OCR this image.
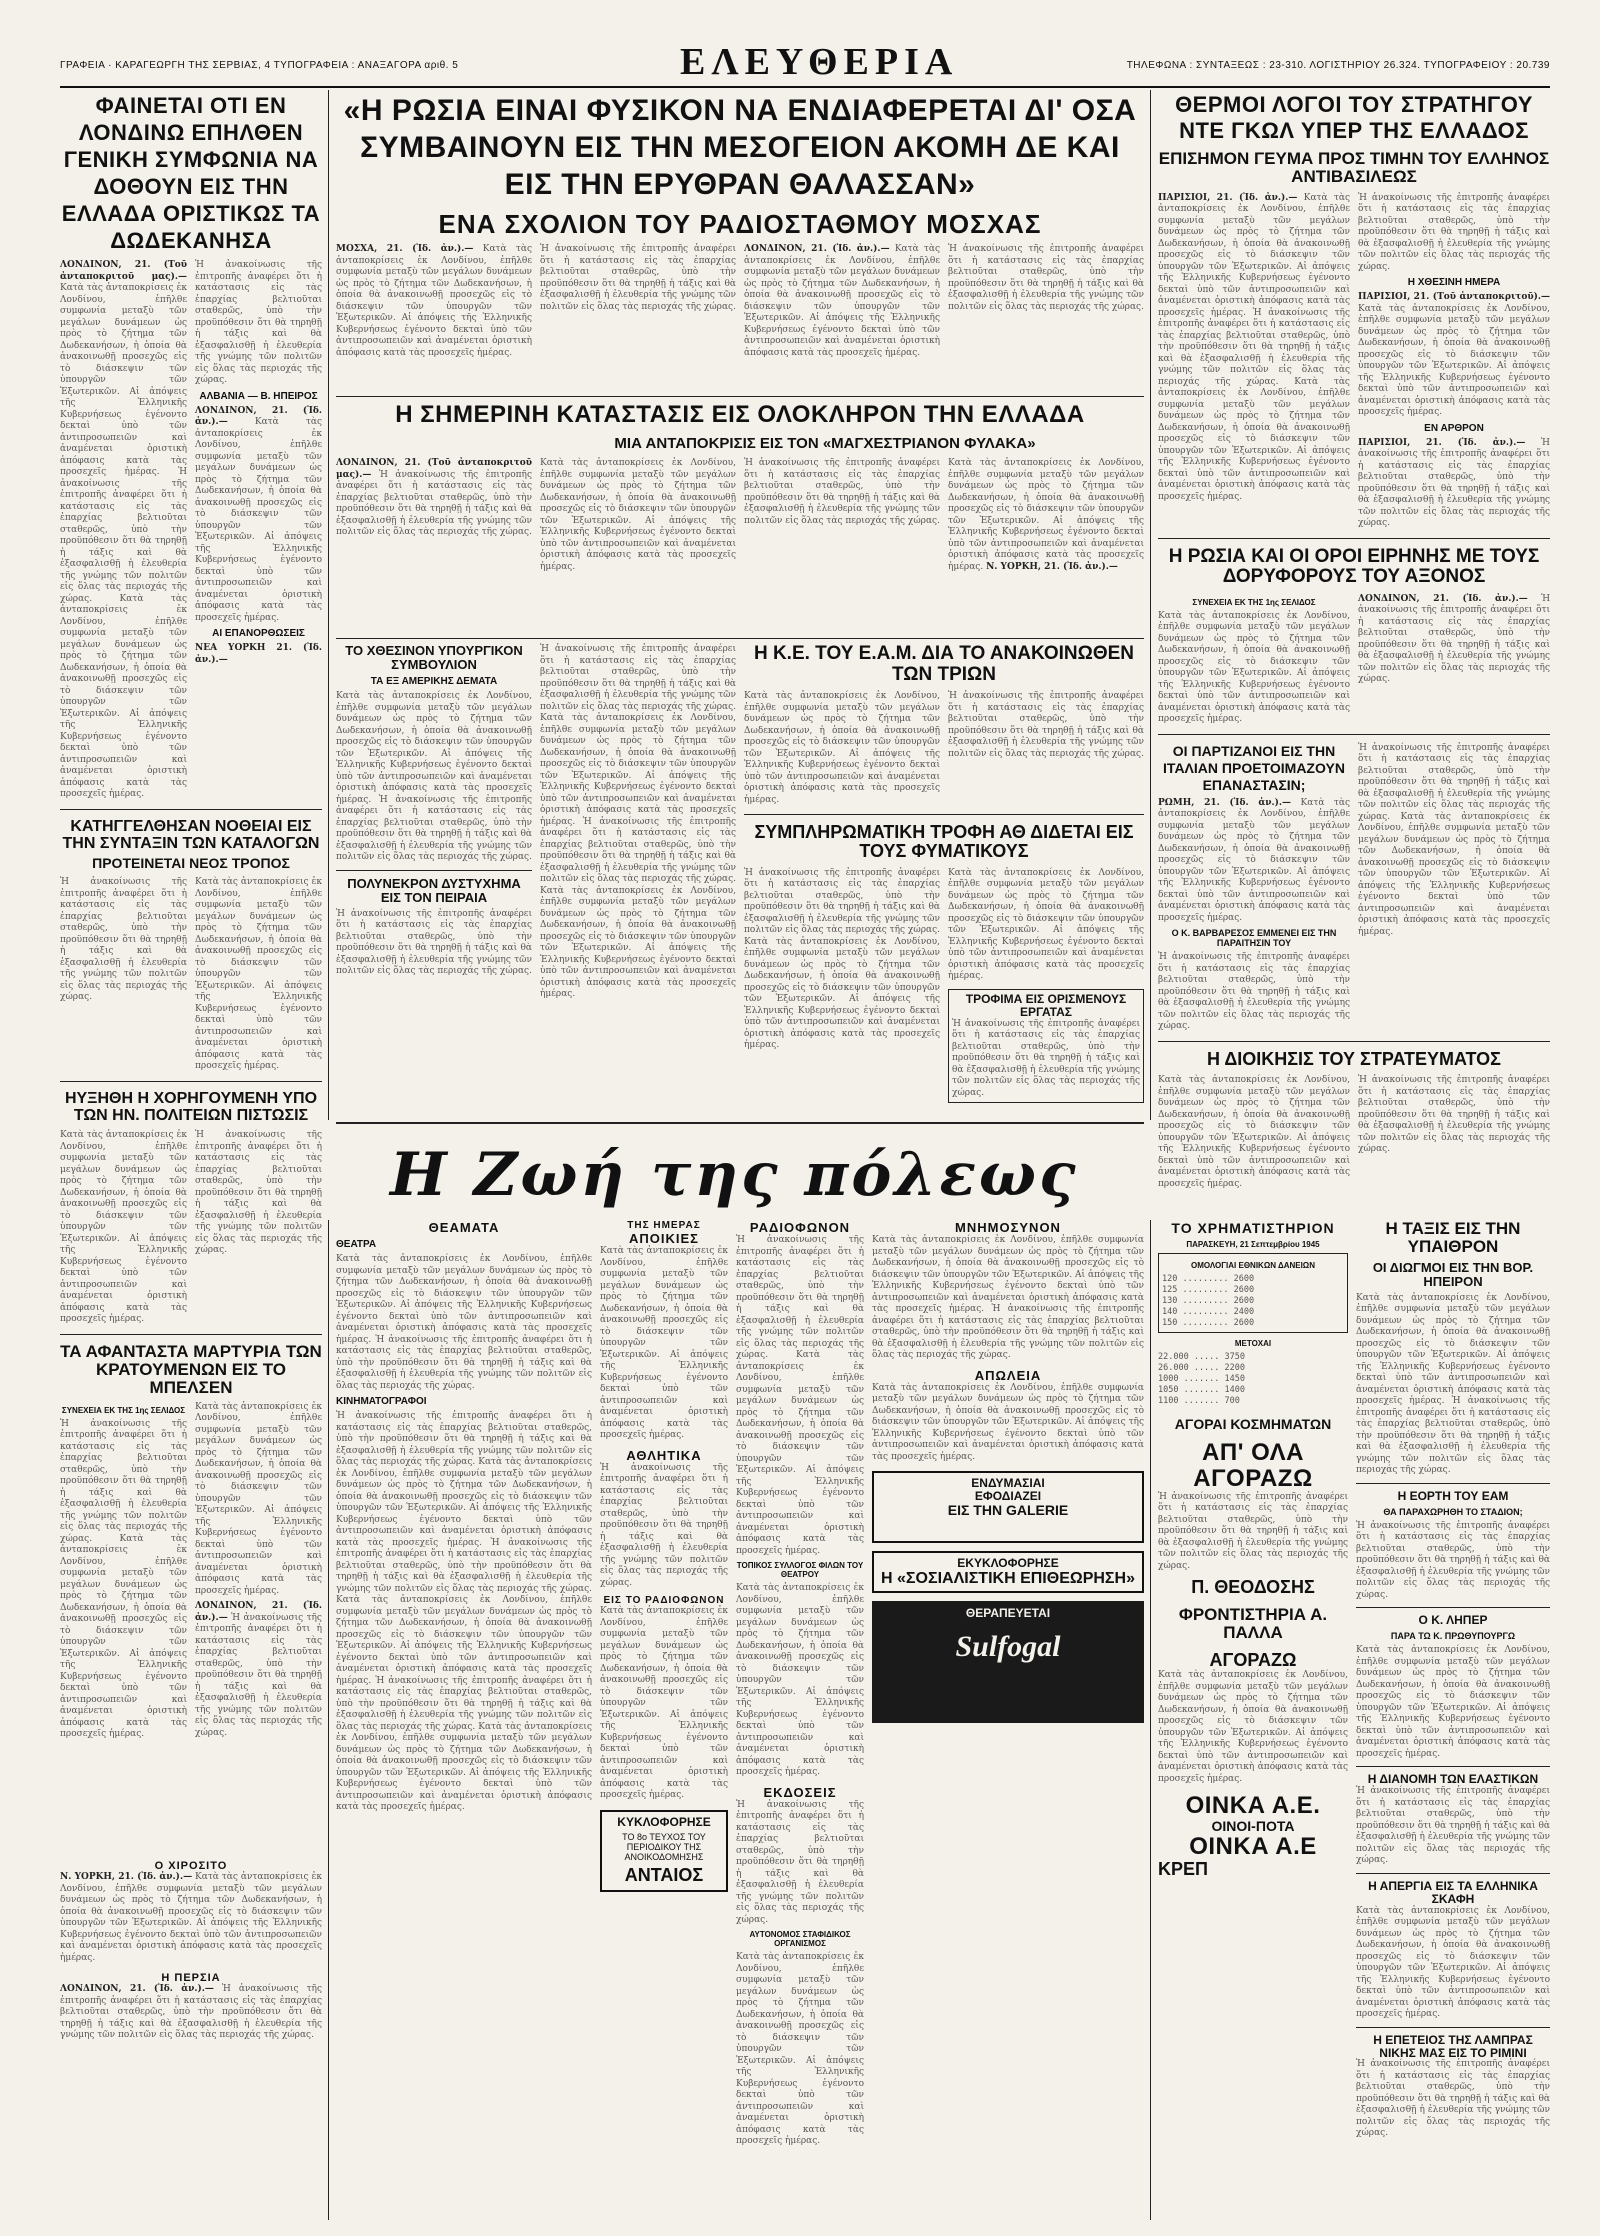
ΓΡΑΦΕΙΑ · ΚΑΡΑΓΕΩΡΓΗ ΤΗΣ ΣΕΡΒΙΑΣ, 4 ΤΥΠΟΓΡΑΦΕΙΑ : ΑΝΑΞΑΓΟΡΑ αριθ. 5	ΕΛΕΥΘΕΡΙΑ	ΤΗΛΕΦΩΝΑ : ΣΥΝΤΑΞΕΩΣ : 23-310. ΛΟΓΙΣΤΗΡΙΟΥ 26.324. ΤΥΠΟΓΡΑΦΕΙΟΥ : 20.739
ΦΑΙΝΕΤΑΙ ΟΤΙ ΕΝ ΛΟΝΔΙΝΩ ΕΠΗΛΘΕΝ ΓΕΝΙΚΗ ΣΥΜΦΩΝΙΑ ΝΑ ΔΟΘΟΥΝ ΕΙΣ ΤΗΝ ΕΛΛΑΔΑ ΟΡΙΣΤΙΚΩΣ ΤΑ ΔΩΔΕΚΑΝΗΣΑ
ΛΟΝΔΙΝΟΝ, 21. (Τοῦ ἀνταποκριτοῦ μας).— Κατὰ τὰς ἀνταποκρίσεις ἐκ Λονδίνου, ἐπῆλθε συμφωνία μεταξὺ τῶν μεγάλων δυνάμεων ὡς πρὸς τὸ ζήτημα τῶν Δωδεκανήσων, ἡ ὁποία θὰ ἀνακοινωθῇ προσεχῶς εἰς τὸ διάσκεψιν τῶν ὑπουργῶν τῶν Ἐξωτερικῶν. Αἱ ἀπόψεις τῆς Ἑλληνικῆς Κυβερνήσεως ἐγένοντο δεκταὶ ὑπὸ τῶν ἀντιπροσωπειῶν καὶ ἀναμένεται ὁριστικὴ ἀπόφασις κατὰ τὰς προσεχεῖς ἡμέρας. Ἡ ἀνακοίνωσις τῆς ἐπιτροπῆς ἀναφέρει ὅτι ἡ κατάστασις εἰς τὰς ἐπαρχίας βελτιοῦται σταθερῶς, ὑπὸ τὴν προϋπόθεσιν ὅτι θὰ τηρηθῇ ἡ τάξις καὶ θὰ ἐξασφαλισθῇ ἡ ἐλευθερία τῆς γνώμης τῶν πολιτῶν εἰς ὅλας τὰς περιοχάς τῆς χώρας.	Κατὰ τὰς ἀνταποκρίσεις ἐκ Λονδίνου, ἐπῆλθε συμφωνία μεταξὺ τῶν μεγάλων δυνάμεων ὡς πρὸς τὸ ζήτημα τῶν Δωδεκανήσων, ἡ ὁποία θὰ ἀνακοινωθῇ προσεχῶς εἰς τὸ διάσκεψιν τῶν ὑπουργῶν τῶν Ἐξωτερικῶν. Αἱ ἀπόψεις τῆς Ἑλληνικῆς Κυβερνήσεως ἐγένοντο δεκταὶ ὑπὸ τῶν ἀντιπροσωπειῶν καὶ ἀναμένεται ὁριστικὴ ἀπόφασις κατὰ τὰς προσεχεῖς ἡμέρας.
Ἡ ἀνακοίνωσις τῆς ἐπιτροπῆς ἀναφέρει ὅτι ἡ κατάστασις εἰς τὰς ἐπαρχίας βελτιοῦται σταθερῶς, ὑπὸ τὴν προϋπόθεσιν ὅτι θὰ τηρηθῇ ἡ τάξις καὶ θὰ ἐξασφαλισθῇ ἡ ἐλευθερία τῆς γνώμης τῶν πολιτῶν εἰς ὅλας τὰς περιοχάς τῆς χώρας.
ΑΛΒΑΝΙΑ — Β. ΗΠΕΙΡΟΣ
ΛΟΝΔΙΝΟΝ, 21. (Ἰδ. ἀν.).—	Κατὰ τὰς ἀνταποκρίσεις ἐκ Λονδίνου, ἐπῆλθε συμφωνία μεταξὺ τῶν μεγάλων δυνάμεων ὡς πρὸς τὸ ζήτημα τῶν Δωδεκανήσων, ἡ ὁποία θὰ ἀνακοινωθῇ προσεχῶς εἰς τὸ διάσκεψιν τῶν ὑπουργῶν τῶν Ἐξωτερικῶν. Αἱ ἀπόψεις τῆς Ἑλληνικῆς Κυβερνήσεως ἐγένοντο δεκταὶ ὑπὸ τῶν ἀντιπροσωπειῶν καὶ ἀναμένεται ὁριστικὴ ἀπόφασις κατὰ τὰς προσεχεῖς ἡμέρας.
ΑΙ ΕΠΑΝΟΡΘΩΣΕΙΣ
ΝΕΑ ΥΟΡΚΗ 21. (Ἰδ. ἀν.).—
ΚΑΤΗΓΓΕΛΘΗΣΑΝ ΝΟΘΕΙΑΙ ΕΙΣ ΤΗΝ ΣΥΝΤΑΞΙΝ ΤΩΝ ΚΑΤΑΛΟΓΩΝ
ΠΡΟΤΕΙΝΕΤΑΙ ΝΕΟΣ ΤΡΟΠΟΣ
Ἡ ἀνακοίνωσις τῆς ἐπιτροπῆς ἀναφέρει ὅτι ἡ κατάστασις εἰς τὰς ἐπαρχίας βελτιοῦται σταθερῶς, ὑπὸ τὴν προϋπόθεσιν ὅτι θὰ τηρηθῇ ἡ τάξις καὶ θὰ ἐξασφαλισθῇ ἡ ἐλευθερία τῆς γνώμης τῶν πολιτῶν εἰς ὅλας τὰς περιοχάς τῆς χώρας.
Κατὰ τὰς ἀνταποκρίσεις ἐκ Λονδίνου, ἐπῆλθε συμφωνία μεταξὺ τῶν μεγάλων δυνάμεων ὡς πρὸς τὸ ζήτημα τῶν Δωδεκανήσων, ἡ ὁποία θὰ ἀνακοινωθῇ προσεχῶς εἰς τὸ διάσκεψιν τῶν ὑπουργῶν τῶν Ἐξωτερικῶν. Αἱ ἀπόψεις τῆς Ἑλληνικῆς Κυβερνήσεως ἐγένοντο δεκταὶ ὑπὸ τῶν ἀντιπροσωπειῶν καὶ ἀναμένεται ὁριστικὴ ἀπόφασις κατὰ τὰς προσεχεῖς ἡμέρας.
ΗΥΞΗΘΗ Η ΧΟΡΗΓΟΥΜΕΝΗ ΥΠΟ ΤΩΝ ΗΝ. ΠΟΛΙΤΕΙΩΝ ΠΙΣΤΩΣΙΣ
Κατὰ τὰς ἀνταποκρίσεις ἐκ Λονδίνου, ἐπῆλθε συμφωνία μεταξὺ τῶν μεγάλων δυνάμεων ὡς πρὸς τὸ ζήτημα τῶν Δωδεκανήσων, ἡ ὁποία θὰ ἀνακοινωθῇ προσεχῶς εἰς τὸ διάσκεψιν τῶν ὑπουργῶν τῶν Ἐξωτερικῶν. Αἱ ἀπόψεις τῆς Ἑλληνικῆς Κυβερνήσεως ἐγένοντο δεκταὶ ὑπὸ τῶν ἀντιπροσωπειῶν καὶ ἀναμένεται ὁριστικὴ ἀπόφασις κατὰ τὰς προσεχεῖς ἡμέρας.
Ἡ ἀνακοίνωσις τῆς ἐπιτροπῆς ἀναφέρει ὅτι ἡ κατάστασις εἰς τὰς ἐπαρχίας βελτιοῦται σταθερῶς, ὑπὸ τὴν προϋπόθεσιν ὅτι θὰ τηρηθῇ ἡ τάξις καὶ θὰ ἐξασφαλισθῇ ἡ ἐλευθερία τῆς γνώμης τῶν πολιτῶν εἰς ὅλας τὰς περιοχάς τῆς χώρας.
ΤΑ ΑΦΑΝΤΑΣΤΑ ΜΑΡΤΥΡΙΑ ΤΩΝ ΚΡΑΤΟΥΜΕΝΩΝ ΕΙΣ ΤΟ ΜΠΕΛΣΕΝ
ΣΥΝΕΧΕΙΑ ΕΚ ΤΗΣ 1ης ΣΕΛΙΔΟΣ
Ἡ ἀνακοίνωσις τῆς ἐπιτροπῆς ἀναφέρει ὅτι ἡ κατάστασις εἰς τὰς ἐπαρχίας βελτιοῦται σταθερῶς, ὑπὸ τὴν προϋπόθεσιν ὅτι θὰ τηρηθῇ ἡ τάξις καὶ θὰ ἐξασφαλισθῇ ἡ ἐλευθερία τῆς γνώμης τῶν πολιτῶν εἰς ὅλας τὰς περιοχάς τῆς χώρας.	Κατὰ τὰς ἀνταποκρίσεις ἐκ Λονδίνου, ἐπῆλθε συμφωνία μεταξὺ τῶν μεγάλων δυνάμεων ὡς πρὸς τὸ ζήτημα τῶν Δωδεκανήσων, ἡ ὁποία θὰ ἀνακοινωθῇ προσεχῶς εἰς τὸ διάσκεψιν τῶν ὑπουργῶν τῶν Ἐξωτερικῶν. Αἱ ἀπόψεις τῆς Ἑλληνικῆς Κυβερνήσεως ἐγένοντο δεκταὶ ὑπὸ τῶν ἀντιπροσωπειῶν καὶ ἀναμένεται ὁριστικὴ ἀπόφασις κατὰ τὰς προσεχεῖς ἡμέρας.
Κατὰ τὰς ἀνταποκρίσεις ἐκ Λονδίνου, ἐπῆλθε συμφωνία μεταξὺ τῶν μεγάλων δυνάμεων ὡς πρὸς τὸ ζήτημα τῶν Δωδεκανήσων, ἡ ὁποία θὰ ἀνακοινωθῇ προσεχῶς εἰς τὸ διάσκεψιν τῶν ὑπουργῶν τῶν Ἐξωτερικῶν. Αἱ ἀπόψεις τῆς Ἑλληνικῆς Κυβερνήσεως ἐγένοντο δεκταὶ ὑπὸ τῶν ἀντιπροσωπειῶν καὶ ἀναμένεται ὁριστικὴ ἀπόφασις κατὰ τὰς προσεχεῖς ἡμέρας.
ΛΟΝΔΙΝΟΝ, 21. (Ἰδ. ἀν.).— Ἡ ἀνακοίνωσις τῆς ἐπιτροπῆς ἀναφέρει ὅτι ἡ κατάστασις εἰς τὰς ἐπαρχίας βελτιοῦται σταθερῶς, ὑπὸ τὴν προϋπόθεσιν ὅτι θὰ τηρηθῇ ἡ τάξις καὶ θὰ ἐξασφαλισθῇ ἡ ἐλευθερία τῆς γνώμης τῶν πολιτῶν εἰς ὅλας τὰς περιοχάς τῆς χώρας.
«Η ΡΩΣΙΑ ΕΙΝΑΙ ΦΥΣΙΚΟΝ ΝΑ ΕΝΔΙΑΦΕΡΕΤΑΙ ΔΙ' ΟΣΑ ΣΥΜΒΑΙΝΟΥΝ ΕΙΣ ΤΗΝ ΜΕΣΟΓΕΙΟΝ ΑΚΟΜΗ ΔΕ ΚΑΙ ΕΙΣ ΤΗΝ ΕΡΥΘΡΑΝ ΘΑΛΑΣΣΑΝ»
ΕΝΑ ΣΧΟΛΙΟΝ ΤΟΥ ΡΑΔΙΟΣΤΑΘΜΟΥ ΜΟΣΧΑΣ
ΜΟΣΧΑ, 21. (Ἰδ. ἀν.).— Κατὰ τὰς ἀνταποκρίσεις ἐκ Λονδίνου, ἐπῆλθε συμφωνία μεταξὺ τῶν μεγάλων δυνάμεων ὡς πρὸς τὸ ζήτημα τῶν Δωδεκανήσων, ἡ ὁποία θὰ ἀνακοινωθῇ προσεχῶς εἰς τὸ διάσκεψιν τῶν ὑπουργῶν τῶν Ἐξωτερικῶν. Αἱ ἀπόψεις τῆς Ἑλληνικῆς Κυβερνήσεως ἐγένοντο δεκταὶ ὑπὸ τῶν ἀντιπροσωπειῶν καὶ ἀναμένεται ὁριστικὴ ἀπόφασις κατὰ τὰς προσεχεῖς ἡμέρας.
Ἡ ἀνακοίνωσις τῆς ἐπιτροπῆς ἀναφέρει ὅτι ἡ κατάστασις εἰς τὰς ἐπαρχίας βελτιοῦται σταθερῶς, ὑπὸ τὴν προϋπόθεσιν ὅτι θὰ τηρηθῇ ἡ τάξις καὶ θὰ ἐξασφαλισθῇ ἡ ἐλευθερία τῆς γνώμης τῶν πολιτῶν εἰς ὅλας τὰς περιοχάς τῆς χώρας.
ΛΟΝΔΙΝΟΝ, 21. (Ἰδ. ἀν.).— Κατὰ τὰς ἀνταποκρίσεις ἐκ Λονδίνου, ἐπῆλθε συμφωνία μεταξὺ τῶν μεγάλων δυνάμεων ὡς πρὸς τὸ ζήτημα τῶν Δωδεκανήσων, ἡ ὁποία θὰ ἀνακοινωθῇ προσεχῶς εἰς τὸ διάσκεψιν τῶν ὑπουργῶν τῶν Ἐξωτερικῶν. Αἱ ἀπόψεις τῆς Ἑλληνικῆς Κυβερνήσεως ἐγένοντο δεκταὶ ὑπὸ τῶν ἀντιπροσωπειῶν καὶ ἀναμένεται ὁριστικὴ ἀπόφασις κατὰ τὰς προσεχεῖς ἡμέρας.
Ἡ ἀνακοίνωσις τῆς ἐπιτροπῆς ἀναφέρει ὅτι ἡ κατάστασις εἰς τὰς ἐπαρχίας βελτιοῦται σταθερῶς, ὑπὸ τὴν προϋπόθεσιν ὅτι θὰ τηρηθῇ ἡ τάξις καὶ θὰ ἐξασφαλισθῇ ἡ ἐλευθερία τῆς γνώμης τῶν πολιτῶν εἰς ὅλας τὰς περιοχάς τῆς χώρας.
Η ΣΗΜΕΡΙΝΗ ΚΑΤΑΣΤΑΣΙΣ ΕΙΣ ΟΛΟΚΛΗΡΟΝ ΤΗΝ ΕΛΛΑΔΑ
ΜΙΑ ΑΝΤΑΠΟΚΡΙΣΙΣ ΕΙΣ ΤΟΝ «ΜΑΓΧΕΣΤΡΙΑΝΟΝ ΦΥΛΑΚΑ»
ΛΟΝΔΙΝΟΝ, 21. (Τοῦ ἀνταποκριτοῦ μας).— Ἡ ἀνακοίνωσις τῆς ἐπιτροπῆς ἀναφέρει ὅτι ἡ κατάστασις εἰς τὰς ἐπαρχίας βελτιοῦται σταθερῶς, ὑπὸ τὴν προϋπόθεσιν ὅτι θὰ τηρηθῇ ἡ τάξις καὶ θὰ ἐξασφαλισθῇ ἡ ἐλευθερία τῆς γνώμης τῶν πολιτῶν εἰς ὅλας τὰς περιοχάς τῆς χώρας.
Κατὰ τὰς ἀνταποκρίσεις ἐκ Λονδίνου, ἐπῆλθε συμφωνία μεταξὺ τῶν μεγάλων δυνάμεων ὡς πρὸς τὸ ζήτημα τῶν Δωδεκανήσων, ἡ ὁποία θὰ ἀνακοινωθῇ προσεχῶς εἰς τὸ διάσκεψιν τῶν ὑπουργῶν τῶν Ἐξωτερικῶν. Αἱ ἀπόψεις τῆς Ἑλληνικῆς Κυβερνήσεως ἐγένοντο δεκταὶ ὑπὸ τῶν ἀντιπροσωπειῶν καὶ ἀναμένεται ὁριστικὴ ἀπόφασις κατὰ τὰς προσεχεῖς ἡμέρας.
Ἡ ἀνακοίνωσις τῆς ἐπιτροπῆς ἀναφέρει ὅτι ἡ κατάστασις εἰς τὰς ἐπαρχίας βελτιοῦται σταθερῶς, ὑπὸ τὴν προϋπόθεσιν ὅτι θὰ τηρηθῇ ἡ τάξις καὶ θὰ ἐξασφαλισθῇ ἡ ἐλευθερία τῆς γνώμης τῶν πολιτῶν εἰς ὅλας τὰς περιοχάς τῆς χώρας.
Κατὰ τὰς ἀνταποκρίσεις ἐκ Λονδίνου, ἐπῆλθε συμφωνία μεταξὺ τῶν μεγάλων δυνάμεων ὡς πρὸς τὸ ζήτημα τῶν Δωδεκανήσων, ἡ ὁποία θὰ ἀνακοινωθῇ προσεχῶς εἰς τὸ διάσκεψιν τῶν ὑπουργῶν τῶν Ἐξωτερικῶν. Αἱ ἀπόψεις τῆς Ἑλληνικῆς Κυβερνήσεως ἐγένοντο δεκταὶ ὑπὸ τῶν ἀντιπροσωπειῶν καὶ ἀναμένεται ὁριστικὴ ἀπόφασις κατὰ τὰς προσεχεῖς ἡμέρας. Ν. ΥΟΡΚΗ, 21. (Ἰδ. ἀν.).—
ΤΟ ΧΘΕΣΙΝΟΝ ΥΠΟΥΡΓΙΚΟΝ ΣΥΜΒΟΥΛΙΟΝ
ΤΑ ΕΞ ΑΜΕΡΙΚΗΣ ΔΕΜΑΤΑ
Κατὰ τὰς ἀνταποκρίσεις ἐκ Λονδίνου, ἐπῆλθε συμφωνία μεταξὺ τῶν μεγάλων δυνάμεων ὡς πρὸς τὸ ζήτημα τῶν Δωδεκανήσων, ἡ ὁποία θὰ ἀνακοινωθῇ προσεχῶς εἰς τὸ διάσκεψιν τῶν ὑπουργῶν τῶν Ἐξωτερικῶν. Αἱ ἀπόψεις τῆς Ἑλληνικῆς Κυβερνήσεως ἐγένοντο δεκταὶ ὑπὸ τῶν ἀντιπροσωπειῶν καὶ ἀναμένεται ὁριστικὴ ἀπόφασις κατὰ τὰς προσεχεῖς ἡμέρας. Ἡ ἀνακοίνωσις τῆς ἐπιτροπῆς ἀναφέρει ὅτι ἡ κατάστασις εἰς τὰς ἐπαρχίας βελτιοῦται σταθερῶς, ὑπὸ τὴν προϋπόθεσιν ὅτι θὰ τηρηθῇ ἡ τάξις καὶ θὰ ἐξασφαλισθῇ ἡ ἐλευθερία τῆς γνώμης τῶν πολιτῶν εἰς ὅλας τὰς περιοχάς τῆς χώρας.
ΠΟΛΥΝΕΚΡΟΝ ΔΥΣΤΥΧΗΜΑ ΕΙΣ ΤΟΝ ΠΕΙΡΑΙΑ
Ἡ ἀνακοίνωσις τῆς ἐπιτροπῆς ἀναφέρει ὅτι ἡ κατάστασις εἰς τὰς ἐπαρχίας βελτιοῦται σταθερῶς, ὑπὸ τὴν προϋπόθεσιν ὅτι θὰ τηρηθῇ ἡ τάξις καὶ θὰ ἐξασφαλισθῇ ἡ ἐλευθερία τῆς γνώμης τῶν πολιτῶν εἰς ὅλας τὰς περιοχάς τῆς χώρας.
Ἡ ἀνακοίνωσις τῆς ἐπιτροπῆς ἀναφέρει ὅτι ἡ κατάστασις εἰς τὰς ἐπαρχίας βελτιοῦται σταθερῶς, ὑπὸ τὴν προϋπόθεσιν ὅτι θὰ τηρηθῇ ἡ τάξις καὶ θὰ ἐξασφαλισθῇ ἡ ἐλευθερία τῆς γνώμης τῶν πολιτῶν εἰς ὅλας τὰς περιοχάς τῆς χώρας. Κατὰ τὰς ἀνταποκρίσεις ἐκ Λονδίνου, ἐπῆλθε συμφωνία μεταξὺ τῶν μεγάλων δυνάμεων ὡς πρὸς τὸ ζήτημα τῶν Δωδεκανήσων, ἡ ὁποία θὰ ἀνακοινωθῇ προσεχῶς εἰς τὸ διάσκεψιν τῶν ὑπουργῶν τῶν Ἐξωτερικῶν. Αἱ ἀπόψεις τῆς Ἑλληνικῆς Κυβερνήσεως ἐγένοντο δεκταὶ ὑπὸ τῶν ἀντιπροσωπειῶν καὶ ἀναμένεται ὁριστικὴ ἀπόφασις κατὰ τὰς προσεχεῖς ἡμέρας. Ἡ ἀνακοίνωσις τῆς ἐπιτροπῆς ἀναφέρει ὅτι ἡ κατάστασις εἰς τὰς ἐπαρχίας βελτιοῦται σταθερῶς, ὑπὸ τὴν προϋπόθεσιν ὅτι θὰ τηρηθῇ ἡ τάξις καὶ θὰ ἐξασφαλισθῇ ἡ ἐλευθερία τῆς γνώμης τῶν πολιτῶν εἰς ὅλας τὰς περιοχάς τῆς χώρας. Κατὰ τὰς ἀνταποκρίσεις ἐκ Λονδίνου, ἐπῆλθε συμφωνία μεταξὺ τῶν μεγάλων δυνάμεων ὡς πρὸς τὸ ζήτημα τῶν Δωδεκανήσων, ἡ ὁποία θὰ ἀνακοινωθῇ προσεχῶς εἰς τὸ διάσκεψιν τῶν ὑπουργῶν τῶν Ἐξωτερικῶν. Αἱ ἀπόψεις τῆς Ἑλληνικῆς Κυβερνήσεως ἐγένοντο δεκταὶ ὑπὸ τῶν ἀντιπροσωπειῶν καὶ ἀναμένεται ὁριστικὴ ἀπόφασις κατὰ τὰς προσεχεῖς ἡμέρας.
Η Κ.Ε. ΤΟΥ Ε.Α.Μ. ΔΙΑ ΤΟ ΑΝΑΚΟΙΝΩΘΕΝ ΤΩΝ ΤΡΙΩΝ
Κατὰ τὰς ἀνταποκρίσεις ἐκ Λονδίνου, ἐπῆλθε συμφωνία μεταξὺ τῶν μεγάλων δυνάμεων ὡς πρὸς τὸ ζήτημα τῶν Δωδεκανήσων, ἡ ὁποία θὰ ἀνακοινωθῇ προσεχῶς εἰς τὸ διάσκεψιν τῶν ὑπουργῶν τῶν Ἐξωτερικῶν. Αἱ ἀπόψεις τῆς Ἑλληνικῆς Κυβερνήσεως ἐγένοντο δεκταὶ ὑπὸ τῶν ἀντιπροσωπειῶν καὶ ἀναμένεται ὁριστικὴ ἀπόφασις κατὰ τὰς προσεχεῖς ἡμέρας.
Ἡ ἀνακοίνωσις τῆς ἐπιτροπῆς ἀναφέρει ὅτι ἡ κατάστασις εἰς τὰς ἐπαρχίας βελτιοῦται σταθερῶς, ὑπὸ τὴν προϋπόθεσιν ὅτι θὰ τηρηθῇ ἡ τάξις καὶ θὰ ἐξασφαλισθῇ ἡ ἐλευθερία τῆς γνώμης τῶν πολιτῶν εἰς ὅλας τὰς περιοχάς τῆς χώρας.
ΣΥΜΠΛΗΡΩΜΑΤΙΚΗ ΤΡΟΦΗ ΑΘ ΔΙΔΕΤΑΙ ΕΙΣ ΤΟΥΣ ΦΥΜΑΤΙΚΟΥΣ
Ἡ ἀνακοίνωσις τῆς ἐπιτροπῆς ἀναφέρει ὅτι ἡ κατάστασις εἰς τὰς ἐπαρχίας βελτιοῦται σταθερῶς, ὑπὸ τὴν προϋπόθεσιν ὅτι θὰ τηρηθῇ ἡ τάξις καὶ θὰ ἐξασφαλισθῇ ἡ ἐλευθερία τῆς γνώμης τῶν πολιτῶν εἰς ὅλας τὰς περιοχάς τῆς χώρας. Κατὰ τὰς ἀνταποκρίσεις ἐκ Λονδίνου, ἐπῆλθε συμφωνία μεταξὺ τῶν μεγάλων δυνάμεων ὡς πρὸς τὸ ζήτημα τῶν Δωδεκανήσων, ἡ ὁποία θὰ ἀνακοινωθῇ προσεχῶς εἰς τὸ διάσκεψιν τῶν ὑπουργῶν τῶν Ἐξωτερικῶν. Αἱ ἀπόψεις τῆς Ἑλληνικῆς Κυβερνήσεως ἐγένοντο δεκταὶ ὑπὸ τῶν ἀντιπροσωπειῶν καὶ ἀναμένεται ὁριστικὴ ἀπόφασις κατὰ τὰς προσεχεῖς ἡμέρας.
Κατὰ τὰς ἀνταποκρίσεις ἐκ Λονδίνου, ἐπῆλθε συμφωνία μεταξὺ τῶν μεγάλων δυνάμεων ὡς πρὸς τὸ ζήτημα τῶν Δωδεκανήσων, ἡ ὁποία θὰ ἀνακοινωθῇ προσεχῶς εἰς τὸ διάσκεψιν τῶν ὑπουργῶν τῶν Ἐξωτερικῶν. Αἱ ἀπόψεις τῆς Ἑλληνικῆς Κυβερνήσεως ἐγένοντο δεκταὶ ὑπὸ τῶν ἀντιπροσωπειῶν καὶ ἀναμένεται ὁριστικὴ ἀπόφασις κατὰ τὰς προσεχεῖς ἡμέρας.
ΤΡΟΦΙΜΑ ΕΙΣ ΟΡΙΣΜΕΝΟΥΣ ΕΡΓΑΤΑΣ
Ἡ ἀνακοίνωσις τῆς ἐπιτροπῆς ἀναφέρει ὅτι ἡ κατάστασις εἰς τὰς ἐπαρχίας βελτιοῦται σταθερῶς, ὑπὸ τὴν προϋπόθεσιν ὅτι θὰ τηρηθῇ ἡ τάξις καὶ θὰ ἐξασφαλισθῇ ἡ ἐλευθερία τῆς γνώμης τῶν πολιτῶν εἰς ὅλας τὰς περιοχάς τῆς χώρας.
ΘΕΡΜΟΙ ΛΟΓΟΙ ΤΟΥ ΣΤΡΑΤΗΓΟΥ ΝΤΕ ΓΚΩΛ ΥΠΕΡ ΤΗΣ ΕΛΛΑΔΟΣ
ΕΠΙΣΗΜΟΝ ΓΕΥΜΑ ΠΡΟΣ ΤΙΜΗΝ ΤΟΥ ΕΛΛΗΝΟΣ ΑΝΤΙΒΑΣΙΛΕΩΣ
ΠΑΡΙΣΙΟΙ, 21. (Ἰδ. ἀν.).— Κατὰ τὰς ἀνταποκρίσεις ἐκ Λονδίνου, ἐπῆλθε συμφωνία μεταξὺ τῶν μεγάλων δυνάμεων ὡς πρὸς τὸ ζήτημα τῶν Δωδεκανήσων, ἡ ὁποία θὰ ἀνακοινωθῇ προσεχῶς εἰς τὸ διάσκεψιν τῶν ὑπουργῶν τῶν Ἐξωτερικῶν. Αἱ ἀπόψεις τῆς Ἑλληνικῆς Κυβερνήσεως ἐγένοντο δεκταὶ ὑπὸ τῶν ἀντιπροσωπειῶν καὶ ἀναμένεται ὁριστικὴ ἀπόφασις κατὰ τὰς προσεχεῖς ἡμέρας. Ἡ ἀνακοίνωσις τῆς ἐπιτροπῆς ἀναφέρει ὅτι ἡ κατάστασις εἰς τὰς ἐπαρχίας βελτιοῦται σταθερῶς, ὑπὸ τὴν προϋπόθεσιν ὅτι θὰ τηρηθῇ ἡ τάξις καὶ θὰ ἐξασφαλισθῇ ἡ ἐλευθερία τῆς γνώμης τῶν πολιτῶν εἰς ὅλας τὰς περιοχάς τῆς χώρας. Κατὰ τὰς ἀνταποκρίσεις ἐκ Λονδίνου, ἐπῆλθε συμφωνία μεταξὺ τῶν μεγάλων δυνάμεων ὡς πρὸς τὸ ζήτημα τῶν Δωδεκανήσων, ἡ ὁποία θὰ ἀνακοινωθῇ προσεχῶς εἰς τὸ διάσκεψιν τῶν ὑπουργῶν τῶν Ἐξωτερικῶν. Αἱ ἀπόψεις τῆς Ἑλληνικῆς Κυβερνήσεως ἐγένοντο δεκταὶ ὑπὸ τῶν ἀντιπροσωπειῶν καὶ ἀναμένεται ὁριστικὴ ἀπόφασις κατὰ τὰς προσεχεῖς ἡμέρας.
Ἡ ἀνακοίνωσις τῆς ἐπιτροπῆς ἀναφέρει ὅτι ἡ κατάστασις εἰς τὰς ἐπαρχίας βελτιοῦται σταθερῶς, ὑπὸ τὴν προϋπόθεσιν ὅτι θὰ τηρηθῇ ἡ τάξις καὶ θὰ ἐξασφαλισθῇ ἡ ἐλευθερία τῆς γνώμης τῶν πολιτῶν εἰς ὅλας τὰς περιοχάς τῆς χώρας.
Η ΧΘΕΣΙΝΗ ΗΜΕΡΑ
ΠΑΡΙΣΙΟΙ, 21. (Τοῦ ἀνταποκριτοῦ).— Κατὰ τὰς ἀνταποκρίσεις ἐκ Λονδίνου, ἐπῆλθε συμφωνία μεταξὺ τῶν μεγάλων δυνάμεων ὡς πρὸς τὸ ζήτημα τῶν Δωδεκανήσων, ἡ ὁποία θὰ ἀνακοινωθῇ προσεχῶς εἰς τὸ διάσκεψιν τῶν ὑπουργῶν τῶν Ἐξωτερικῶν. Αἱ ἀπόψεις τῆς Ἑλληνικῆς Κυβερνήσεως ἐγένοντο δεκταὶ ὑπὸ τῶν ἀντιπροσωπειῶν καὶ ἀναμένεται ὁριστικὴ ἀπόφασις κατὰ τὰς προσεχεῖς ἡμέρας.
ΕΝ ΑΡΘΡΟΝ
ΠΑΡΙΣΙΟΙ, 21. (Ἰδ. ἀν.).— Ἡ ἀνακοίνωσις τῆς ἐπιτροπῆς ἀναφέρει ὅτι ἡ κατάστασις εἰς τὰς ἐπαρχίας βελτιοῦται σταθερῶς, ὑπὸ τὴν προϋπόθεσιν ὅτι θὰ τηρηθῇ ἡ τάξις καὶ θὰ ἐξασφαλισθῇ ἡ ἐλευθερία τῆς γνώμης τῶν πολιτῶν εἰς ὅλας τὰς περιοχάς τῆς χώρας.
Η ΡΩΣΙΑ ΚΑΙ ΟΙ ΟΡΟΙ ΕΙΡΗΝΗΣ ΜΕ ΤΟΥΣ ΔΟΡΥΦΟΡΟΥΣ ΤΟΥ ΑΞΟΝΟΣ
ΣΥΝΕΧΕΙΑ ΕΚ ΤΗΣ 1ης ΣΕΛΙΔΟΣ
Κατὰ τὰς ἀνταποκρίσεις ἐκ Λονδίνου, ἐπῆλθε συμφωνία μεταξὺ τῶν μεγάλων δυνάμεων ὡς πρὸς τὸ ζήτημα τῶν Δωδεκανήσων, ἡ ὁποία θὰ ἀνακοινωθῇ προσεχῶς εἰς τὸ διάσκεψιν τῶν ὑπουργῶν τῶν Ἐξωτερικῶν. Αἱ ἀπόψεις τῆς Ἑλληνικῆς Κυβερνήσεως ἐγένοντο δεκταὶ ὑπὸ τῶν ἀντιπροσωπειῶν καὶ ἀναμένεται ὁριστικὴ ἀπόφασις κατὰ τὰς προσεχεῖς ἡμέρας.
ΛΟΝΔΙΝΟΝ, 21. (Ἰδ. ἀν.).— Ἡ ἀνακοίνωσις τῆς ἐπιτροπῆς ἀναφέρει ὅτι ἡ κατάστασις εἰς τὰς ἐπαρχίας βελτιοῦται σταθερῶς, ὑπὸ τὴν προϋπόθεσιν ὅτι θὰ τηρηθῇ ἡ τάξις καὶ θὰ ἐξασφαλισθῇ ἡ ἐλευθερία τῆς γνώμης τῶν πολιτῶν εἰς ὅλας τὰς περιοχάς τῆς χώρας.
ΟΙ ΠΑΡΤΙΖΑΝΟΙ ΕΙΣ ΤΗΝ ΙΤΑΛΙΑΝ ΠΡΟΕΤΟΙΜΑΖΟΥΝ ΕΠΑΝΑΣΤΑΣΙΝ;
ΡΩΜΗ, 21. (Ἰδ. ἀν.).— Κατὰ τὰς ἀνταποκρίσεις ἐκ Λονδίνου, ἐπῆλθε συμφωνία μεταξὺ τῶν μεγάλων δυνάμεων ὡς πρὸς τὸ ζήτημα τῶν Δωδεκανήσων, ἡ ὁποία θὰ ἀνακοινωθῇ προσεχῶς εἰς τὸ διάσκεψιν τῶν ὑπουργῶν τῶν Ἐξωτερικῶν. Αἱ ἀπόψεις τῆς Ἑλληνικῆς Κυβερνήσεως ἐγένοντο δεκταὶ ὑπὸ τῶν ἀντιπροσωπειῶν καὶ ἀναμένεται ὁριστικὴ ἀπόφασις κατὰ τὰς προσεχεῖς ἡμέρας.
Ο Κ. ΒΑΡΒΑΡΕΣΟΣ ΕΜΜΕΝΕΙ ΕΙΣ ΤΗΝ ΠΑΡΑΙΤΗΣΙΝ ΤΟΥ
Ἡ ἀνακοίνωσις τῆς ἐπιτροπῆς ἀναφέρει ὅτι ἡ κατάστασις εἰς τὰς ἐπαρχίας βελτιοῦται σταθερῶς, ὑπὸ τὴν προϋπόθεσιν ὅτι θὰ τηρηθῇ ἡ τάξις καὶ θὰ ἐξασφαλισθῇ ἡ ἐλευθερία τῆς γνώμης τῶν πολιτῶν εἰς ὅλας τὰς περιοχάς τῆς χώρας.
Ἡ ἀνακοίνωσις τῆς ἐπιτροπῆς ἀναφέρει ὅτι ἡ κατάστασις εἰς τὰς ἐπαρχίας βελτιοῦται σταθερῶς, ὑπὸ τὴν προϋπόθεσιν ὅτι θὰ τηρηθῇ ἡ τάξις καὶ θὰ ἐξασφαλισθῇ ἡ ἐλευθερία τῆς γνώμης τῶν πολιτῶν εἰς ὅλας τὰς περιοχάς τῆς χώρας. Κατὰ τὰς ἀνταποκρίσεις ἐκ Λονδίνου, ἐπῆλθε συμφωνία μεταξὺ τῶν μεγάλων δυνάμεων ὡς πρὸς τὸ ζήτημα τῶν Δωδεκανήσων, ἡ ὁποία θὰ ἀνακοινωθῇ προσεχῶς εἰς τὸ διάσκεψιν τῶν ὑπουργῶν τῶν Ἐξωτερικῶν. Αἱ ἀπόψεις τῆς Ἑλληνικῆς Κυβερνήσεως ἐγένοντο δεκταὶ ὑπὸ τῶν ἀντιπροσωπειῶν καὶ ἀναμένεται ὁριστικὴ ἀπόφασις κατὰ τὰς προσεχεῖς ἡμέρας.
Η ΔΙΟΙΚΗΣΙΣ ΤΟΥ ΣΤΡΑΤΕΥΜΑΤΟΣ
Κατὰ τὰς ἀνταποκρίσεις ἐκ Λονδίνου, ἐπῆλθε συμφωνία μεταξὺ τῶν μεγάλων δυνάμεων ὡς πρὸς τὸ ζήτημα τῶν Δωδεκανήσων, ἡ ὁποία θὰ ἀνακοινωθῇ προσεχῶς εἰς τὸ διάσκεψιν τῶν ὑπουργῶν τῶν Ἐξωτερικῶν. Αἱ ἀπόψεις τῆς Ἑλληνικῆς Κυβερνήσεως ἐγένοντο δεκταὶ ὑπὸ τῶν ἀντιπροσωπειῶν καὶ ἀναμένεται ὁριστικὴ ἀπόφασις κατὰ τὰς προσεχεῖς ἡμέρας.
Ἡ ἀνακοίνωσις τῆς ἐπιτροπῆς ἀναφέρει ὅτι ἡ κατάστασις εἰς τὰς ἐπαρχίας βελτιοῦται σταθερῶς, ὑπὸ τὴν προϋπόθεσιν ὅτι θὰ τηρηθῇ ἡ τάξις καὶ θὰ ἐξασφαλισθῇ ἡ ἐλευθερία τῆς γνώμης τῶν πολιτῶν εἰς ὅλας τὰς περιοχάς τῆς χώρας.
Η Ζωή της πόλεως
ΘΕΑΜΑΤΑ
ΘΕΑΤΡΑ
Κατὰ τὰς ἀνταποκρίσεις ἐκ Λονδίνου, ἐπῆλθε συμφωνία μεταξὺ τῶν μεγάλων δυνάμεων ὡς πρὸς τὸ ζήτημα τῶν Δωδεκανήσων, ἡ ὁποία θὰ ἀνακοινωθῇ προσεχῶς εἰς τὸ διάσκεψιν τῶν ὑπουργῶν τῶν Ἐξωτερικῶν. Αἱ ἀπόψεις τῆς Ἑλληνικῆς Κυβερνήσεως ἐγένοντο δεκταὶ ὑπὸ τῶν ἀντιπροσωπειῶν καὶ ἀναμένεται ὁριστικὴ ἀπόφασις κατὰ τὰς προσεχεῖς ἡμέρας. Ἡ ἀνακοίνωσις τῆς ἐπιτροπῆς ἀναφέρει ὅτι ἡ κατάστασις εἰς τὰς ἐπαρχίας βελτιοῦται σταθερῶς, ὑπὸ τὴν προϋπόθεσιν ὅτι θὰ τηρηθῇ ἡ τάξις καὶ θὰ ἐξασφαλισθῇ ἡ ἐλευθερία τῆς γνώμης τῶν πολιτῶν εἰς ὅλας τὰς περιοχάς τῆς χώρας.
ΚΙΝΗΜΑΤΟΓΡΑΦΟΙ
Ἡ ἀνακοίνωσις τῆς ἐπιτροπῆς ἀναφέρει ὅτι ἡ κατάστασις εἰς τὰς ἐπαρχίας βελτιοῦται σταθερῶς, ὑπὸ τὴν προϋπόθεσιν ὅτι θὰ τηρηθῇ ἡ τάξις καὶ θὰ ἐξασφαλισθῇ ἡ ἐλευθερία τῆς γνώμης τῶν πολιτῶν εἰς ὅλας τὰς περιοχάς τῆς χώρας. Κατὰ τὰς ἀνταποκρίσεις ἐκ Λονδίνου, ἐπῆλθε συμφωνία μεταξὺ τῶν μεγάλων δυνάμεων ὡς πρὸς τὸ ζήτημα τῶν Δωδεκανήσων, ἡ ὁποία θὰ ἀνακοινωθῇ προσεχῶς εἰς τὸ διάσκεψιν τῶν ὑπουργῶν τῶν Ἐξωτερικῶν. Αἱ ἀπόψεις τῆς Ἑλληνικῆς Κυβερνήσεως ἐγένοντο δεκταὶ ὑπὸ τῶν ἀντιπροσωπειῶν καὶ ἀναμένεται ὁριστικὴ ἀπόφασις κατὰ τὰς προσεχεῖς ἡμέρας. Ἡ ἀνακοίνωσις τῆς ἐπιτροπῆς ἀναφέρει ὅτι ἡ κατάστασις εἰς τὰς ἐπαρχίας βελτιοῦται σταθερῶς, ὑπὸ τὴν προϋπόθεσιν ὅτι θὰ τηρηθῇ ἡ τάξις καὶ θὰ ἐξασφαλισθῇ ἡ ἐλευθερία τῆς γνώμης τῶν πολιτῶν εἰς ὅλας τὰς περιοχάς τῆς χώρας. Κατὰ τὰς ἀνταποκρίσεις ἐκ Λονδίνου, ἐπῆλθε συμφωνία μεταξὺ τῶν μεγάλων δυνάμεων ὡς πρὸς τὸ ζήτημα τῶν Δωδεκανήσων, ἡ ὁποία θὰ ἀνακοινωθῇ προσεχῶς εἰς τὸ διάσκεψιν τῶν ὑπουργῶν τῶν Ἐξωτερικῶν. Αἱ ἀπόψεις τῆς Ἑλληνικῆς Κυβερνήσεως ἐγένοντο δεκταὶ ὑπὸ τῶν ἀντιπροσωπειῶν καὶ ἀναμένεται ὁριστικὴ ἀπόφασις κατὰ τὰς προσεχεῖς ἡμέρας. Ἡ ἀνακοίνωσις τῆς ἐπιτροπῆς ἀναφέρει ὅτι ἡ κατάστασις εἰς τὰς ἐπαρχίας βελτιοῦται σταθερῶς, ὑπὸ τὴν προϋπόθεσιν ὅτι θὰ τηρηθῇ ἡ τάξις καὶ θὰ ἐξασφαλισθῇ ἡ ἐλευθερία τῆς γνώμης τῶν πολιτῶν εἰς ὅλας τὰς περιοχάς τῆς χώρας. Κατὰ τὰς ἀνταποκρίσεις ἐκ Λονδίνου, ἐπῆλθε συμφωνία μεταξὺ τῶν μεγάλων δυνάμεων ὡς πρὸς τὸ ζήτημα τῶν Δωδεκανήσων, ἡ ὁποία θὰ ἀνακοινωθῇ προσεχῶς εἰς τὸ διάσκεψιν τῶν ὑπουργῶν τῶν Ἐξωτερικῶν. Αἱ ἀπόψεις τῆς Ἑλληνικῆς Κυβερνήσεως ἐγένοντο δεκταὶ ὑπὸ τῶν ἀντιπροσωπειῶν καὶ ἀναμένεται ὁριστικὴ ἀπόφασις κατὰ τὰς προσεχεῖς ἡμέρας.
ΤΗΣ ΗΜΕΡΑΣ
ΑΠΟΙΚΙΕΣ
Κατὰ τὰς ἀνταποκρίσεις ἐκ Λονδίνου, ἐπῆλθε συμφωνία μεταξὺ τῶν μεγάλων δυνάμεων ὡς πρὸς τὸ ζήτημα τῶν Δωδεκανήσων, ἡ ὁποία θὰ ἀνακοινωθῇ προσεχῶς εἰς τὸ διάσκεψιν τῶν ὑπουργῶν τῶν Ἐξωτερικῶν. Αἱ ἀπόψεις τῆς Ἑλληνικῆς Κυβερνήσεως ἐγένοντο δεκταὶ ὑπὸ τῶν ἀντιπροσωπειῶν καὶ ἀναμένεται ὁριστικὴ ἀπόφασις κατὰ τὰς προσεχεῖς ἡμέρας.
ΑΘΛΗΤΙΚΑ
Ἡ ἀνακοίνωσις τῆς ἐπιτροπῆς ἀναφέρει ὅτι ἡ κατάστασις εἰς τὰς ἐπαρχίας βελτιοῦται σταθερῶς, ὑπὸ τὴν προϋπόθεσιν ὅτι θὰ τηρηθῇ ἡ τάξις καὶ θὰ ἐξασφαλισθῇ ἡ ἐλευθερία τῆς γνώμης τῶν πολιτῶν εἰς ὅλας τὰς περιοχάς τῆς χώρας.
ΕΙΣ ΤΟ ΡΑΔΙΟΦΩΝΟΝ
Κατὰ τὰς ἀνταποκρίσεις ἐκ Λονδίνου, ἐπῆλθε συμφωνία μεταξὺ τῶν μεγάλων δυνάμεων ὡς πρὸς τὸ ζήτημα τῶν Δωδεκανήσων, ἡ ὁποία θὰ ἀνακοινωθῇ προσεχῶς εἰς τὸ διάσκεψιν τῶν ὑπουργῶν τῶν Ἐξωτερικῶν. Αἱ ἀπόψεις τῆς Ἑλληνικῆς Κυβερνήσεως ἐγένοντο δεκταὶ ὑπὸ τῶν ἀντιπροσωπειῶν καὶ ἀναμένεται ὁριστικὴ ἀπόφασις κατὰ τὰς προσεχεῖς ἡμέρας.
ΚΥΚΛΟΦΟΡΗΣΕ
ΤΟ 8ο ΤΕΥΧΟΣ ΤΟΥ ΠΕΡΙΟΔΙΚΟΥ ΤΗΣ ΑΝΟΙΚΟΔΟΜΗΣΗΣ
ΑΝΤΑΙΟΣ
ΡΑΔΙΟΦΩΝΟΝ
Ἡ ἀνακοίνωσις τῆς ἐπιτροπῆς ἀναφέρει ὅτι ἡ κατάστασις εἰς τὰς ἐπαρχίας βελτιοῦται σταθερῶς, ὑπὸ τὴν προϋπόθεσιν ὅτι θὰ τηρηθῇ ἡ τάξις καὶ θὰ ἐξασφαλισθῇ ἡ ἐλευθερία τῆς γνώμης τῶν πολιτῶν εἰς ὅλας τὰς περιοχάς τῆς χώρας.	Κατὰ τὰς ἀνταποκρίσεις ἐκ Λονδίνου, ἐπῆλθε συμφωνία μεταξὺ τῶν μεγάλων δυνάμεων ὡς πρὸς τὸ ζήτημα τῶν Δωδεκανήσων, ἡ ὁποία θὰ ἀνακοινωθῇ προσεχῶς εἰς τὸ διάσκεψιν τῶν ὑπουργῶν τῶν Ἐξωτερικῶν. Αἱ ἀπόψεις τῆς Ἑλληνικῆς Κυβερνήσεως ἐγένοντο δεκταὶ ὑπὸ τῶν ἀντιπροσωπειῶν καὶ ἀναμένεται ὁριστικὴ ἀπόφασις κατὰ τὰς προσεχεῖς ἡμέρας.
ΤΟΠΙΚΟΣ ΣΥΛΛΟΓΟΣ ΦΙΛΩΝ ΤΟΥ ΘΕΑΤΡΟΥ
Κατὰ τὰς ἀνταποκρίσεις ἐκ Λονδίνου, ἐπῆλθε συμφωνία μεταξὺ τῶν μεγάλων δυνάμεων ὡς πρὸς τὸ ζήτημα τῶν Δωδεκανήσων, ἡ ὁποία θὰ ἀνακοινωθῇ προσεχῶς εἰς τὸ διάσκεψιν τῶν ὑπουργῶν τῶν Ἐξωτερικῶν. Αἱ ἀπόψεις τῆς Ἑλληνικῆς Κυβερνήσεως ἐγένοντο δεκταὶ ὑπὸ τῶν ἀντιπροσωπειῶν καὶ ἀναμένεται ὁριστικὴ ἀπόφασις κατὰ τὰς προσεχεῖς ἡμέρας.
ΕΚΔΟΣΕΙΣ
Ἡ ἀνακοίνωσις τῆς ἐπιτροπῆς ἀναφέρει ὅτι ἡ κατάστασις εἰς τὰς ἐπαρχίας βελτιοῦται σταθερῶς, ὑπὸ τὴν προϋπόθεσιν ὅτι θὰ τηρηθῇ ἡ τάξις καὶ θὰ ἐξασφαλισθῇ ἡ ἐλευθερία τῆς γνώμης τῶν πολιτῶν εἰς ὅλας τὰς περιοχάς τῆς χώρας.
ΑΥΤΟΝΟΜΟΣ ΣΤΑΦΙΔΙΚΟΣ ΟΡΓΑΝΙΣΜΟΣ
Κατὰ τὰς ἀνταποκρίσεις ἐκ Λονδίνου, ἐπῆλθε συμφωνία μεταξὺ τῶν μεγάλων δυνάμεων ὡς πρὸς τὸ ζήτημα τῶν Δωδεκανήσων, ἡ ὁποία θὰ ἀνακοινωθῇ προσεχῶς εἰς τὸ διάσκεψιν τῶν ὑπουργῶν τῶν Ἐξωτερικῶν. Αἱ ἀπόψεις τῆς Ἑλληνικῆς Κυβερνήσεως ἐγένοντο δεκταὶ ὑπὸ τῶν ἀντιπροσωπειῶν καὶ ἀναμένεται ὁριστικὴ ἀπόφασις κατὰ τὰς προσεχεῖς ἡμέρας.
ΜΝΗΜΟΣΥΝΟΝ
Κατὰ τὰς ἀνταποκρίσεις ἐκ Λονδίνου, ἐπῆλθε συμφωνία μεταξὺ τῶν μεγάλων δυνάμεων ὡς πρὸς τὸ ζήτημα τῶν Δωδεκανήσων, ἡ ὁποία θὰ ἀνακοινωθῇ προσεχῶς εἰς τὸ διάσκεψιν τῶν ὑπουργῶν τῶν Ἐξωτερικῶν. Αἱ ἀπόψεις τῆς Ἑλληνικῆς Κυβερνήσεως ἐγένοντο δεκταὶ ὑπὸ τῶν ἀντιπροσωπειῶν καὶ ἀναμένεται ὁριστικὴ ἀπόφασις κατὰ τὰς προσεχεῖς ἡμέρας. Ἡ ἀνακοίνωσις τῆς ἐπιτροπῆς ἀναφέρει ὅτι ἡ κατάστασις εἰς τὰς ἐπαρχίας βελτιοῦται σταθερῶς, ὑπὸ τὴν προϋπόθεσιν ὅτι θὰ τηρηθῇ ἡ τάξις καὶ θὰ ἐξασφαλισθῇ ἡ ἐλευθερία τῆς γνώμης τῶν πολιτῶν εἰς ὅλας τὰς περιοχάς τῆς χώρας.
ΑΠΩΛΕΙΑ
Κατὰ τὰς ἀνταποκρίσεις ἐκ Λονδίνου, ἐπῆλθε συμφωνία μεταξὺ τῶν μεγάλων δυνάμεων ὡς πρὸς τὸ ζήτημα τῶν Δωδεκανήσων, ἡ ὁποία θὰ ἀνακοινωθῇ προσεχῶς εἰς τὸ διάσκεψιν τῶν ὑπουργῶν τῶν Ἐξωτερικῶν. Αἱ ἀπόψεις τῆς Ἑλληνικῆς Κυβερνήσεως ἐγένοντο δεκταὶ ὑπὸ τῶν ἀντιπροσωπειῶν καὶ ἀναμένεται ὁριστικὴ ἀπόφασις κατὰ τὰς προσεχεῖς ἡμέρας.
ΕΝΔΥΜΑΣΙΑΙ
ΕΦΟΔΙΑΖΕΙ
ΕΙΣ ΤΗΝ GALERIE
ΕΚΥΚΛΟΦΟΡΗΣΕ
Η «ΣΟΣΙΑΛΙΣΤΙΚΗ ΕΠΙΘΕΩΡΗΣΗ»
ΘΕΡΑΠΕΥΕΤΑΙ
Sulfogal
ΤΟ ΧΡΗΜΑΤΙΣΤΗΡΙΟΝ
ΠΑΡΑΣΚΕΥΗ, 21 Σεπτεμβρίου 1945
ΟΜΟΛΟΓΙΑΙ ΕΘΝΙΚΩΝ ΔΑΝΕΙΩΝ
120 ......... 2600
125 ......... 2600
130 ......... 2600
140 ......... 2400
150 ......... 2600
ΜΕΤΟΧΑΙ
22.000 ..... 3750
26.000 ..... 2200
1000 ....... 1450
1050 ....... 1400
1100 ....... 700
ΑΓΟΡΑΙ ΚΟΣΜΗΜΑΤΩΝ
ΑΠ' ΟΛΑ ΑΓΟΡΑΖΩ
Ἡ ἀνακοίνωσις τῆς ἐπιτροπῆς ἀναφέρει ὅτι ἡ κατάστασις εἰς τὰς ἐπαρχίας βελτιοῦται σταθερῶς, ὑπὸ τὴν προϋπόθεσιν ὅτι θὰ τηρηθῇ ἡ τάξις καὶ θὰ ἐξασφαλισθῇ ἡ ἐλευθερία τῆς γνώμης τῶν πολιτῶν εἰς ὅλας τὰς περιοχάς τῆς χώρας.
Π. ΘΕΟΔΟΣΗΣ
ΦΡΟΝΤΙΣΤΗΡΙΑ Α. ΠΑΛΛΑ
ΑΓΟΡΑΖΩ
Κατὰ τὰς ἀνταποκρίσεις ἐκ Λονδίνου, ἐπῆλθε συμφωνία μεταξὺ τῶν μεγάλων δυνάμεων ὡς πρὸς τὸ ζήτημα τῶν Δωδεκανήσων, ἡ ὁποία θὰ ἀνακοινωθῇ προσεχῶς εἰς τὸ διάσκεψιν τῶν ὑπουργῶν τῶν Ἐξωτερικῶν. Αἱ ἀπόψεις τῆς Ἑλληνικῆς Κυβερνήσεως ἐγένοντο δεκταὶ ὑπὸ τῶν ἀντιπροσωπειῶν καὶ ἀναμένεται ὁριστικὴ ἀπόφασις κατὰ τὰς προσεχεῖς ἡμέρας.
ΟΙΝΚΑ Α.Ε.
ΟΙΝΟΙ-ΠΟΤΑ
ΟΙΝΚΑ Α.Ε
ΚΡΕΠ
Η ΤΑΞΙΣ ΕΙΣ ΤΗΝ ΥΠΑΙΘΡΟΝ
ΟΙ ΔΙΩΓΜΟΙ ΕΙΣ ΤΗΝ ΒΟΡ. ΗΠΕΙΡΟΝ
Κατὰ τὰς ἀνταποκρίσεις ἐκ Λονδίνου, ἐπῆλθε συμφωνία μεταξὺ τῶν μεγάλων δυνάμεων ὡς πρὸς τὸ ζήτημα τῶν Δωδεκανήσων, ἡ ὁποία θὰ ἀνακοινωθῇ προσεχῶς εἰς τὸ διάσκεψιν τῶν ὑπουργῶν τῶν Ἐξωτερικῶν. Αἱ ἀπόψεις τῆς Ἑλληνικῆς Κυβερνήσεως ἐγένοντο δεκταὶ ὑπὸ τῶν ἀντιπροσωπειῶν καὶ ἀναμένεται ὁριστικὴ ἀπόφασις κατὰ τὰς προσεχεῖς ἡμέρας. Ἡ ἀνακοίνωσις τῆς ἐπιτροπῆς ἀναφέρει ὅτι ἡ κατάστασις εἰς τὰς ἐπαρχίας βελτιοῦται σταθερῶς, ὑπὸ τὴν προϋπόθεσιν ὅτι θὰ τηρηθῇ ἡ τάξις καὶ θὰ ἐξασφαλισθῇ ἡ ἐλευθερία τῆς γνώμης τῶν πολιτῶν εἰς ὅλας τὰς περιοχάς τῆς χώρας.
Η ΕΟΡΤΗ ΤΟΥ ΕΑΜ
ΘΑ ΠΑΡΑΧΩΡΗΘΗ ΤΟ ΣΤΑΔΙΟΝ;
Ἡ ἀνακοίνωσις τῆς ἐπιτροπῆς ἀναφέρει ὅτι ἡ κατάστασις εἰς τὰς ἐπαρχίας βελτιοῦται σταθερῶς, ὑπὸ τὴν προϋπόθεσιν ὅτι θὰ τηρηθῇ ἡ τάξις καὶ θὰ ἐξασφαλισθῇ ἡ ἐλευθερία τῆς γνώμης τῶν πολιτῶν εἰς ὅλας τὰς περιοχάς τῆς χώρας.
Ο Κ. ΛΗΠΕΡ
ΠΑΡΑ ΤΩ Κ. ΠΡΩΘΥΠΟΥΡΓΩ
Κατὰ τὰς ἀνταποκρίσεις ἐκ Λονδίνου, ἐπῆλθε συμφωνία μεταξὺ τῶν μεγάλων δυνάμεων ὡς πρὸς τὸ ζήτημα τῶν Δωδεκανήσων, ἡ ὁποία θὰ ἀνακοινωθῇ προσεχῶς εἰς τὸ διάσκεψιν τῶν ὑπουργῶν τῶν Ἐξωτερικῶν. Αἱ ἀπόψεις τῆς Ἑλληνικῆς Κυβερνήσεως ἐγένοντο δεκταὶ ὑπὸ τῶν ἀντιπροσωπειῶν καὶ ἀναμένεται ὁριστικὴ ἀπόφασις κατὰ τὰς προσεχεῖς ἡμέρας.
Η ΔΙΑΝΟΜΗ ΤΩΝ ΕΛΑΣΤΙΚΩΝ
Ἡ ἀνακοίνωσις τῆς ἐπιτροπῆς ἀναφέρει ὅτι ἡ κατάστασις εἰς τὰς ἐπαρχίας βελτιοῦται σταθερῶς, ὑπὸ τὴν προϋπόθεσιν ὅτι θὰ τηρηθῇ ἡ τάξις καὶ θὰ ἐξασφαλισθῇ ἡ ἐλευθερία τῆς γνώμης τῶν πολιτῶν εἰς ὅλας τὰς περιοχάς τῆς χώρας.
Η ΑΠΕΡΓΙΑ ΕΙΣ ΤΑ ΕΛΛΗΝΙΚΑ ΣΚΑΦΗ
Κατὰ τὰς ἀνταποκρίσεις ἐκ Λονδίνου, ἐπῆλθε συμφωνία μεταξὺ τῶν μεγάλων δυνάμεων ὡς πρὸς τὸ ζήτημα τῶν Δωδεκανήσων, ἡ ὁποία θὰ ἀνακοινωθῇ προσεχῶς εἰς τὸ διάσκεψιν τῶν ὑπουργῶν τῶν Ἐξωτερικῶν. Αἱ ἀπόψεις τῆς Ἑλληνικῆς Κυβερνήσεως ἐγένοντο δεκταὶ ὑπὸ τῶν ἀντιπροσωπειῶν καὶ ἀναμένεται ὁριστικὴ ἀπόφασις κατὰ τὰς προσεχεῖς ἡμέρας.
Η ΕΠΕΤΕΙΟΣ ΤΗΣ ΛΑΜΠΡΑΣ ΝΙΚΗΣ ΜΑΣ ΕΙΣ ΤΟ ΡΙΜΙΝΙ
Ἡ ἀνακοίνωσις τῆς ἐπιτροπῆς ἀναφέρει ὅτι ἡ κατάστασις εἰς τὰς ἐπαρχίας βελτιοῦται σταθερῶς, ὑπὸ τὴν προϋπόθεσιν ὅτι θὰ τηρηθῇ ἡ τάξις καὶ θὰ ἐξασφαλισθῇ ἡ ἐλευθερία τῆς γνώμης τῶν πολιτῶν εἰς ὅλας τὰς περιοχάς τῆς χώρας.
Ο ΧΙΡΟΣΙΤΟ
Ν. ΥΟΡΚΗ, 21. (Ἰδ. ἀν.).— Κατὰ τὰς ἀνταποκρίσεις ἐκ Λονδίνου, ἐπῆλθε συμφωνία μεταξὺ τῶν μεγάλων δυνάμεων ὡς πρὸς τὸ ζήτημα τῶν Δωδεκανήσων, ἡ ὁποία θὰ ἀνακοινωθῇ προσεχῶς εἰς τὸ διάσκεψιν τῶν ὑπουργῶν τῶν Ἐξωτερικῶν. Αἱ ἀπόψεις τῆς Ἑλληνικῆς Κυβερνήσεως ἐγένοντο δεκταὶ ὑπὸ τῶν ἀντιπροσωπειῶν καὶ ἀναμένεται ὁριστικὴ ἀπόφασις κατὰ τὰς προσεχεῖς ἡμέρας.
Η ΠΕΡΣΙΑ
ΛΟΝΔΙΝΟΝ, 21. (Ἰδ. ἀν.).— Ἡ ἀνακοίνωσις τῆς ἐπιτροπῆς ἀναφέρει ὅτι ἡ κατάστασις εἰς τὰς ἐπαρχίας βελτιοῦται σταθερῶς, ὑπὸ τὴν προϋπόθεσιν ὅτι θὰ τηρηθῇ ἡ τάξις καὶ θὰ ἐξασφαλισθῇ ἡ ἐλευθερία τῆς γνώμης τῶν πολιτῶν εἰς ὅλας τὰς περιοχάς τῆς χώρας.
